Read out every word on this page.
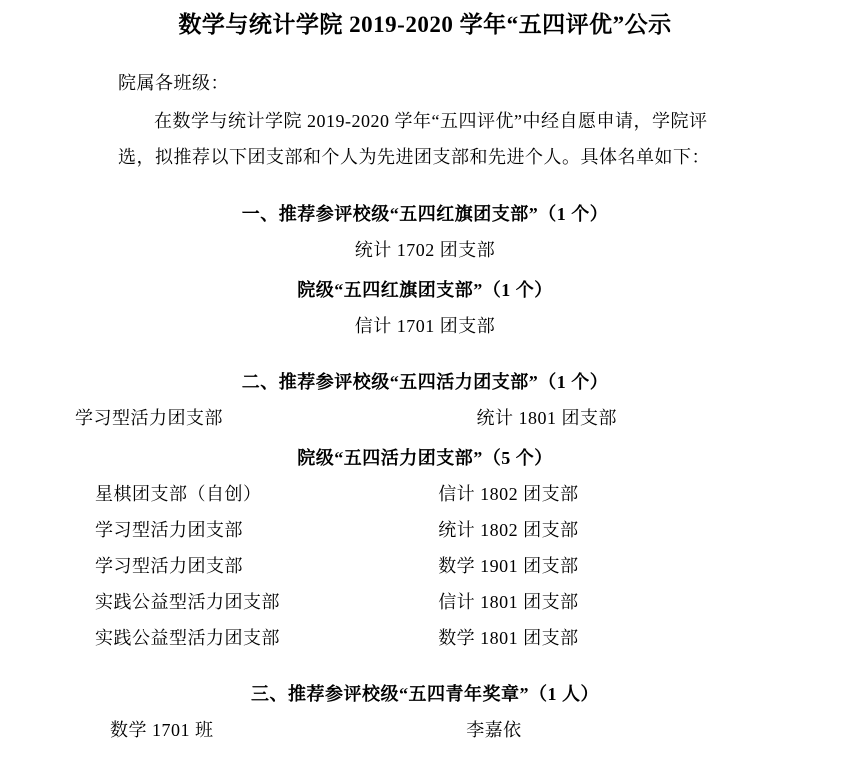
数学与统计学院 2019-2020 学年“五四评优”公示
院属各班级：
在数学与统计学院 2019-2020 学年“五四评优”中经自愿申请，学院评选，拟推荐以下团支部和个人为先进团支部和先进个人。具体名单如下：
一、推荐参评校级“五四红旗团支部”（1 个）
统计 1702 团支部
院级“五四红旗团支部”（1 个）
信计 1701 团支部
二、推荐参评校级“五四活力团支部”（1 个）
学习型活力团支部	统计 1801 团支部
院级“五四活力团支部”（5 个）
星棋团支部（自创）	信计 1802 团支部
学习型活力团支部	统计 1802 团支部
学习型活力团支部	数学 1901 团支部
实践公益型活力团支部	信计 1801 团支部
实践公益型活力团支部	数学 1801 团支部
三、推荐参评校级“五四青年奖章”（1 人）
数学 1701 班	李嘉依
